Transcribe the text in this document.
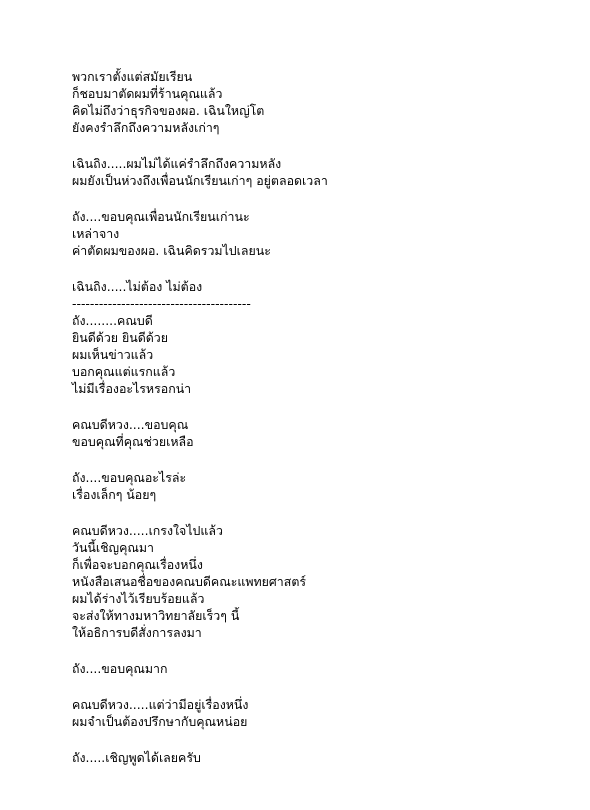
พวกเราตั้งแต่สมัยเรียน
ก็ชอบมาตัดผมที่ร้านคุณแล้ว
คิดไม่ถึงว่าธุรกิจของผอ. เฉินใหญ่โต
ยังคงรำลึกถึงความหลังเก่าๆ
เฉินถิง.....ผมไม่ได้แค่รำลึกถึงความหลัง
ผมยังเป็นห่วงถึงเพื่อนนักเรียนเก่าๆ อยู่ตลอดเวลา
ถัง....ขอบคุณเพื่อนนักเรียนเก่านะ
เหล่าจาง
ค่าตัดผมของผอ. เฉินคิดรวมไปเลยนะ
เฉินถิง.....ไม่ต้อง ไม่ต้อง
----------------------------------------
ถัง........คณบดี
ยินดีด้วย ยินดีด้วย
ผมเห็นข่าวแล้ว
บอกคุณแต่แรกแล้ว
ไม่มีเรื่องอะไรหรอกน่า
คณบดีหวง....ขอบคุณ
ขอบคุณที่คุณช่วยเหลือ
ถัง....ขอบคุณอะไรล่ะ
เรื่องเล็กๆ น้อยๆ
คณบดีหวง.....เกรงใจไปแล้ว
วันนี้เชิญคุณมา
ก็เพื่อจะบอกคุณเรื่องหนึ่ง
หนังสือเสนอชื่อของคณบดีคณะแพทยศาสตร์
ผมได้ร่างไว้เรียบร้อยแล้ว
จะส่งให้ทางมหาวิทยาลัยเร็วๆ นี้
ให้อธิการบดีสั่งการลงมา
ถัง....ขอบคุณมาก
คณบดีหวง.....แต่ว่ามีอยู่เรื่องหนึ่ง
ผมจำเป็นต้องปรึกษากับคุณหน่อย
ถัง.....เชิญพูดได้เลยครับ
